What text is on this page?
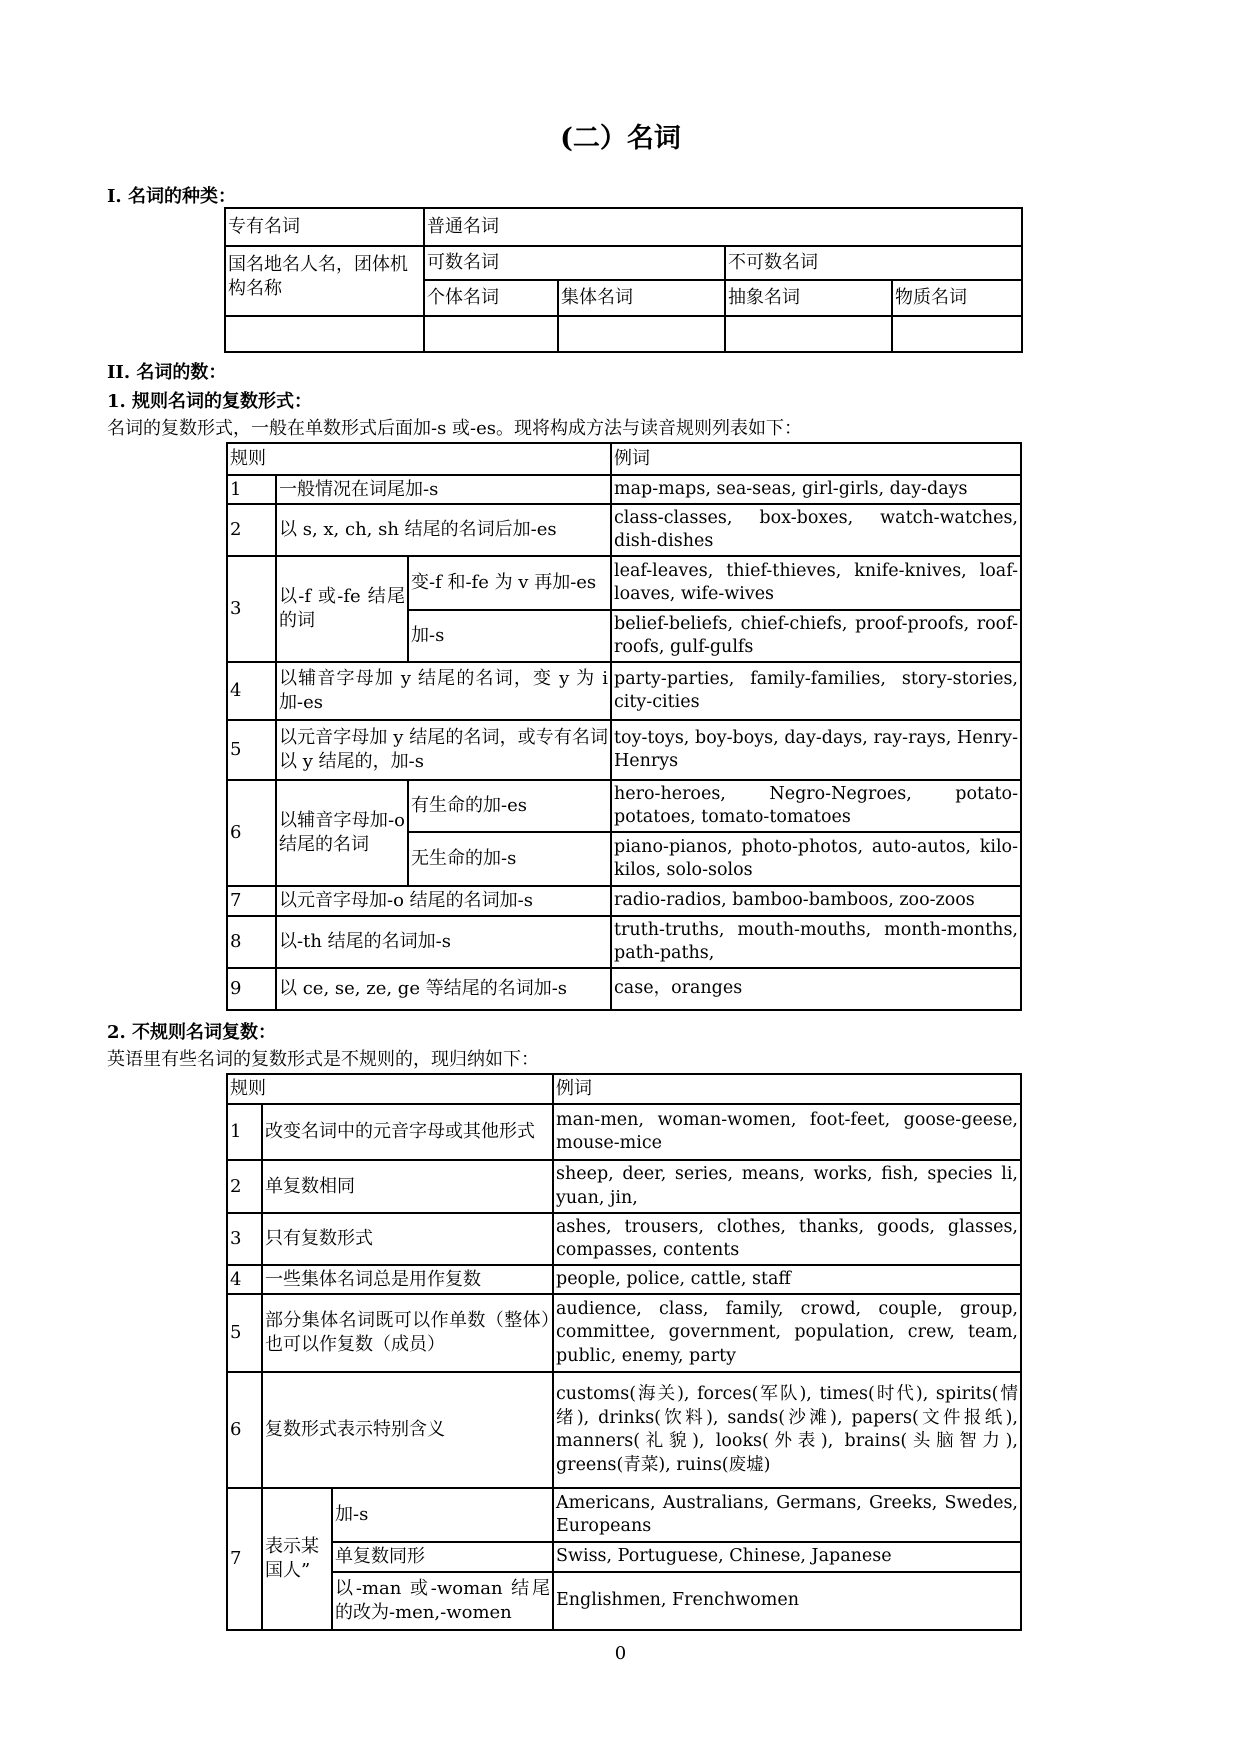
(二）名词
I. 名词的种类：
专有名词	普通名词			
国名地名人名，团体机构名称	可数名词		不可数名词	
	个体名词	集体名词	抽象名词	物质名词

II. 名词的数：
1. 规则名词的复数形式：
名词的复数形式，一般在单数形式后面加-s 或-es。现将构成方法与读音规则列表如下：
规则			例词
1	一般情况在词尾加-s		map-maps, sea-seas, girl-girls, day-days
2	以 s, x, ch, sh 结尾的名词后加-es		class-classes, box-boxes, watch-watches, dish-dishes
3	以-f 或-fe 结尾的词	变-f 和-fe 为 v 再加-es	leaf-leaves, thief-thieves, knife-knives, loaf-loaves, wife-wives
		加-s	belief-beliefs, chief-chiefs, proof-proofs, roof-roofs, gulf-gulfs
4	以辅音字母加 y 结尾的名词，变 y 为 i 加-es		party-parties, family-families, story-stories, city-cities
5	以元音字母加 y 结尾的名词，或专有名词以 y 结尾的，加-s		toy-toys, boy-boys, day-days, ray-rays, Henry-Henrys
6	以辅音字母加-o 结尾的名词	有生命的加-es	hero-heroes, Negro-Negroes, potato-potatoes, tomato-tomatoes
		无生命的加-s	piano-pianos, photo-photos, auto-autos, kilo-kilos, solo-solos
7	以元音字母加-o 结尾的名词加-s		radio-radios, bamboo-bamboos, zoo-zoos
8	以-th 结尾的名词加-s		truth-truths, mouth-mouths, month-months, path-paths,
9	以 ce, se, ze, ge 等结尾的名词加-s		case，oranges
2. 不规则名词复数：
英语里有些名词的复数形式是不规则的，现归纳如下：
规则			例词
1	改变名词中的元音字母或其他形式		man-men, woman-women, foot-feet, goose-geese, mouse-mice
2	单复数相同		sheep, deer, series, means, works, fish, species li, yuan, jin,
3	只有复数形式		ashes, trousers, clothes, thanks, goods, glasses, compasses, contents
4	一些集体名词总是用作复数		people, police, cattle, staff
5	部分集体名词既可以作单数（整体）也可以作复数（成员）		audience, class, family, crowd, couple, group, committee, government, population, crew, team, public, enemy, party
6	复数形式表示特别含义		customs(海关), forces(军队), times(时代), spirits(情绪), drinks(饮料), sands(沙滩), papers(文件报纸), manners(礼貌), looks(外表), brains(头脑智力), greens(青菜), ruins(废墟)
7	表示某国人”	加-s	Americans, Australians, Germans, Greeks, Swedes, Europeans
		单复数同形	Swiss, Portuguese, Chinese, Japanese
		以-man 或-woman 结尾的改为-men,-women	Englishmen, Frenchwomen
0
